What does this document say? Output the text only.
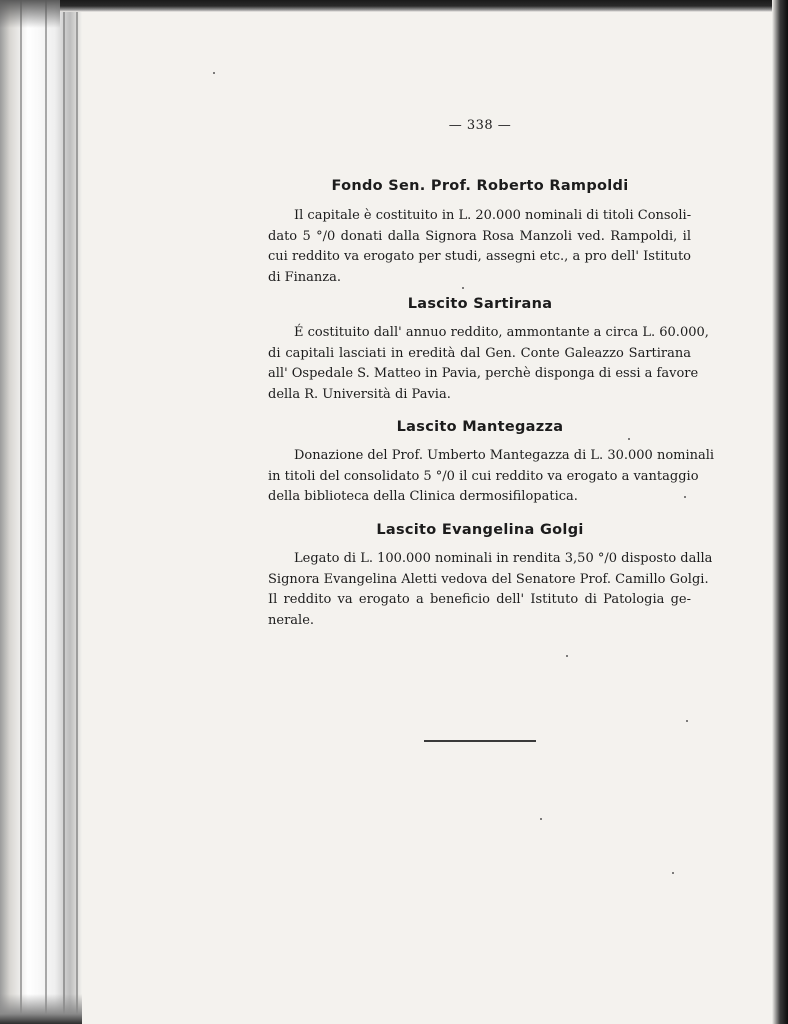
— 338 —
Fondo Sen. Prof. Roberto Rampoldi
Il capitale è costituito in L. 20.000 nominali di titoli Consoli-
dato 5 °/0 donati dalla Signora Rosa Manzoli ved. Rampoldi, il
cui reddito va erogato per studi, assegni etc., a pro dell' Istituto
di Finanza.
Lascito Sartirana
É costituito dall' annuo reddito, ammontante a circa L. 60.000,
di capitali lasciati in eredità dal Gen. Conte Galeazzo Sartirana
all' Ospedale S. Matteo in Pavia, perchè disponga di essi a favore
della R. Università di Pavia.
Lascito Mantegazza
Donazione del Prof. Umberto Mantegazza di L. 30.000 nominali
in titoli del consolidato 5 °/0 il cui reddito va erogato a vantaggio
della biblioteca della Clinica dermosifilopatica.
Lascito Evangelina Golgi
Legato di L. 100.000 nominali in rendita 3,50 °/0 disposto dalla
Signora Evangelina Aletti vedova del Senatore Prof. Camillo Golgi.
Il reddito va erogato a beneficio dell' Istituto di Patologia ge-
nerale.
